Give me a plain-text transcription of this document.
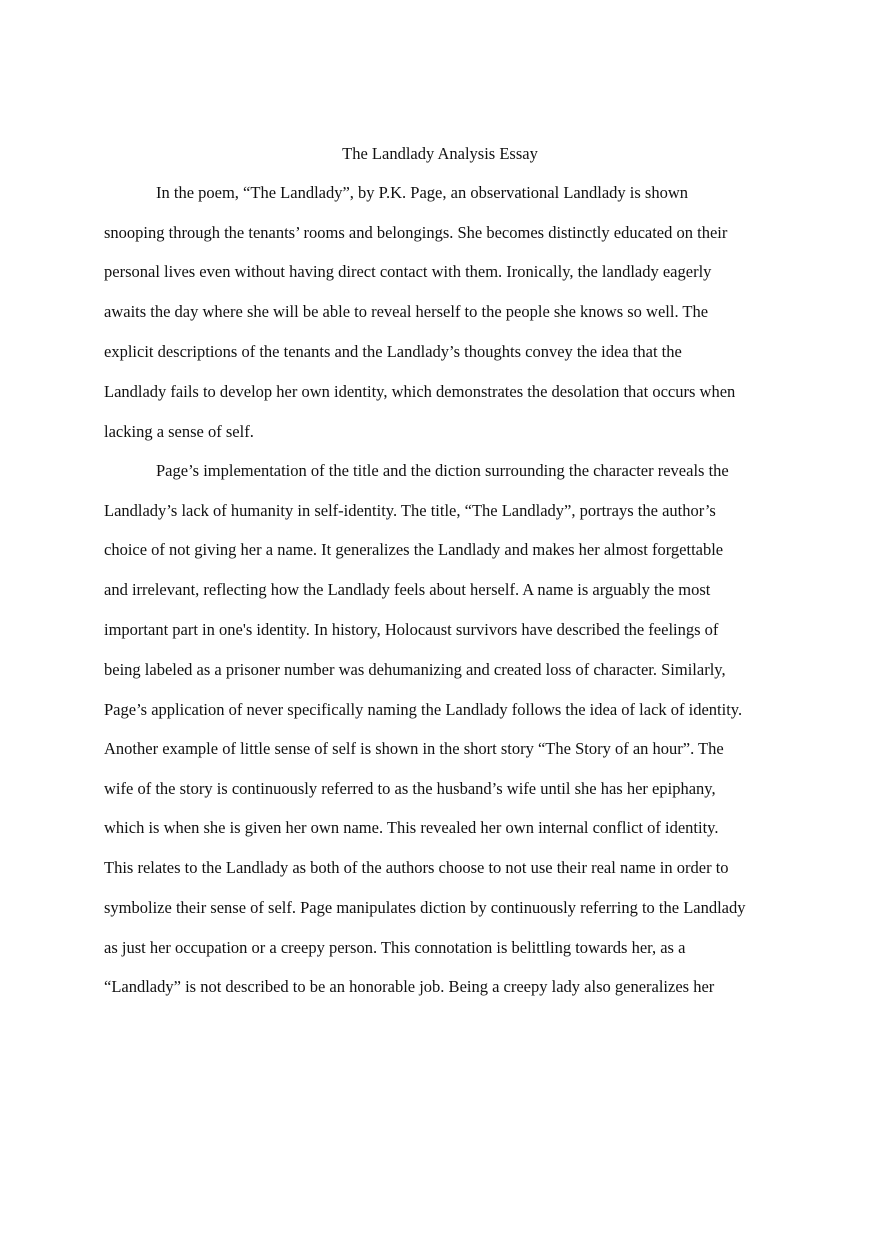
The Landlady Analysis Essay
In the poem, “The Landlady”, by P.K. Page, an observational Landlady is shown
snooping through the tenants’ rooms and belongings. She becomes distinctly educated on their
personal lives even without having direct contact with them. Ironically, the landlady eagerly
awaits the day where she will be able to reveal herself to the people she knows so well. The
explicit descriptions of the tenants and the Landlady’s thoughts convey the idea that the
Landlady fails to develop her own identity, which demonstrates the desolation that occurs when
lacking a sense of self.
Page’s implementation of the title and the diction surrounding the character reveals the
Landlady’s lack of humanity in self-identity. The title, “The Landlady”, portrays the author’s
choice of not giving her a name. It generalizes the Landlady and makes her almost forgettable
and irrelevant, reflecting how the Landlady feels about herself. A name is arguably the most
important part in one's identity. In history, Holocaust survivors have described the feelings of
being labeled as a prisoner number was dehumanizing and created loss of character. Similarly,
Page’s application of never specifically naming the Landlady follows the idea of lack of identity.
Another example of little sense of self is shown in the short story “The Story of an hour”. The
wife of the story is continuously referred to as the husband’s wife until she has her epiphany,
which is when she is given her own name. This revealed her own internal conflict of identity.
This relates to the Landlady as both of the authors choose to not use their real name in order to
symbolize their sense of self. Page manipulates diction by continuously referring to the Landlady
as just her occupation or a creepy person. This connotation is belittling towards her, as a
“Landlady” is not described to be an honorable job. Being a creepy lady also generalizes her
